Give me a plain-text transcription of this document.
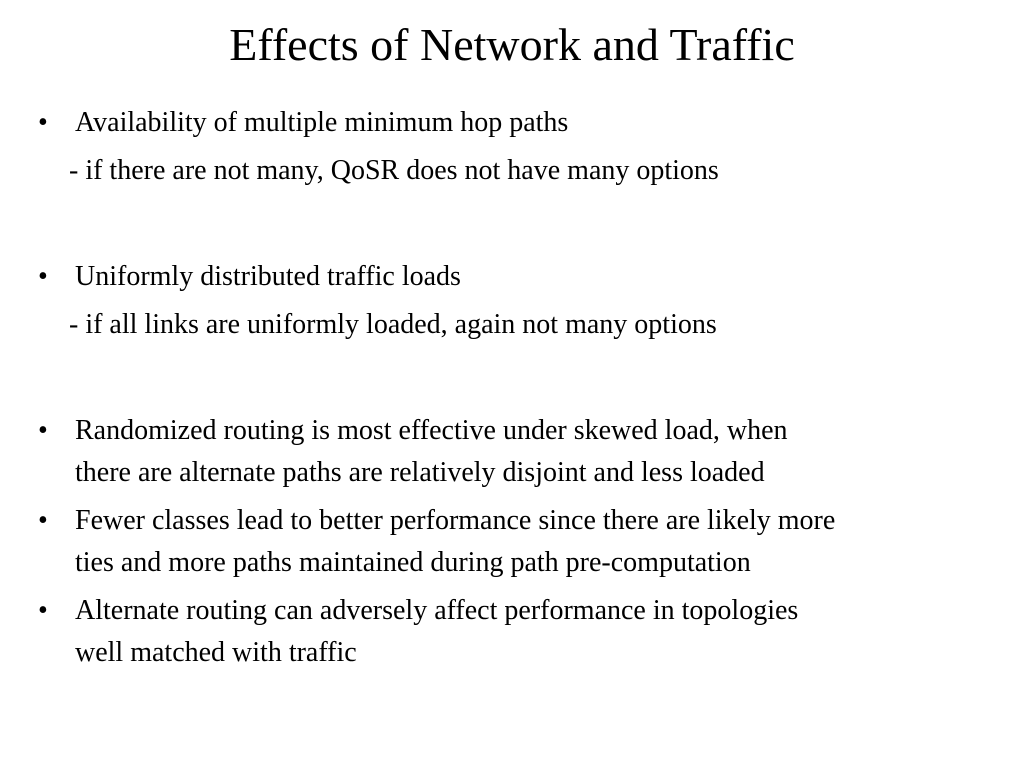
Effects of Network and Traffic
• Availability of multiple minimum hop paths
- if there are not many, QoSR does not have many options
• Uniformly distributed traffic loads
- if all links are uniformly loaded, again not many options
• Randomized routing is most effective under skewed load, when
there are alternate paths are relatively disjoint and less loaded
• Fewer classes lead to better performance since there are likely more
ties and more paths maintained during path pre-computation
• Alternate routing can adversely affect performance in topologies
well matched with traffic
